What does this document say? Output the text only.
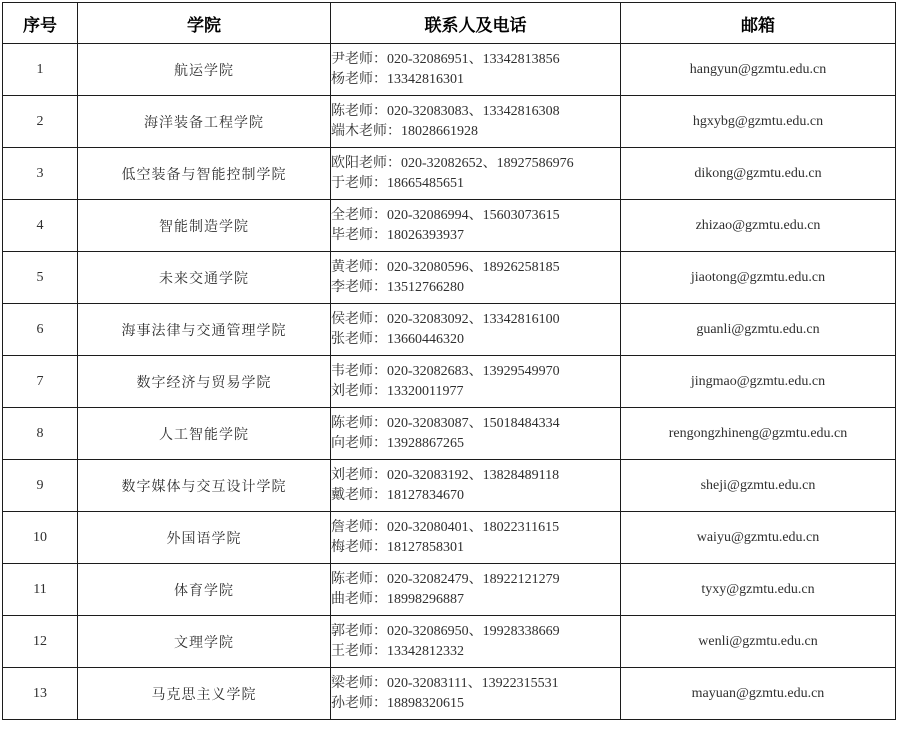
序号	学院	联系人及电话	邮箱
1	航运学院	尹老师：020-32086951、13342813856
杨老师：13342816301	hangyun@gzmtu.edu.cn
2	海洋装备工程学院	陈老师：020-32083083、13342816308
端木老师：18028661928	hgxybg@gzmtu.edu.cn
3	低空装备与智能控制学院	欧阳老师：020-32082652、18927586976
于老师：18665485651	dikong@gzmtu.edu.cn
4	智能制造学院	全老师：020-32086994、15603073615
毕老师：18026393937	zhizao@gzmtu.edu.cn
5	未来交通学院	黄老师：020-32080596、18926258185
李老师：13512766280	jiaotong@gzmtu.edu.cn
6	海事法律与交通管理学院	侯老师：020-32083092、13342816100
张老师：13660446320	guanli@gzmtu.edu.cn
7	数字经济与贸易学院	韦老师：020-32082683、13929549970
刘老师：13320011977	jingmao@gzmtu.edu.cn
8	人工智能学院	陈老师：020-32083087、15018484334
向老师：13928867265	rengongzhineng@gzmtu.edu.cn
9	数字媒体与交互设计学院	刘老师：020-32083192、13828489118
戴老师：18127834670	sheji@gzmtu.edu.cn
10	外国语学院	詹老师：020-32080401、18022311615
梅老师：18127858301	waiyu@gzmtu.edu.cn
11	体育学院	陈老师：020-32082479、18922121279
曲老师：18998296887	tyxy@gzmtu.edu.cn
12	文理学院	郭老师：020-32086950、19928338669
王老师：13342812332	wenli@gzmtu.edu.cn
13	马克思主义学院	梁老师：020-32083111、13922315531
孙老师：18898320615	mayuan@gzmtu.edu.cn
